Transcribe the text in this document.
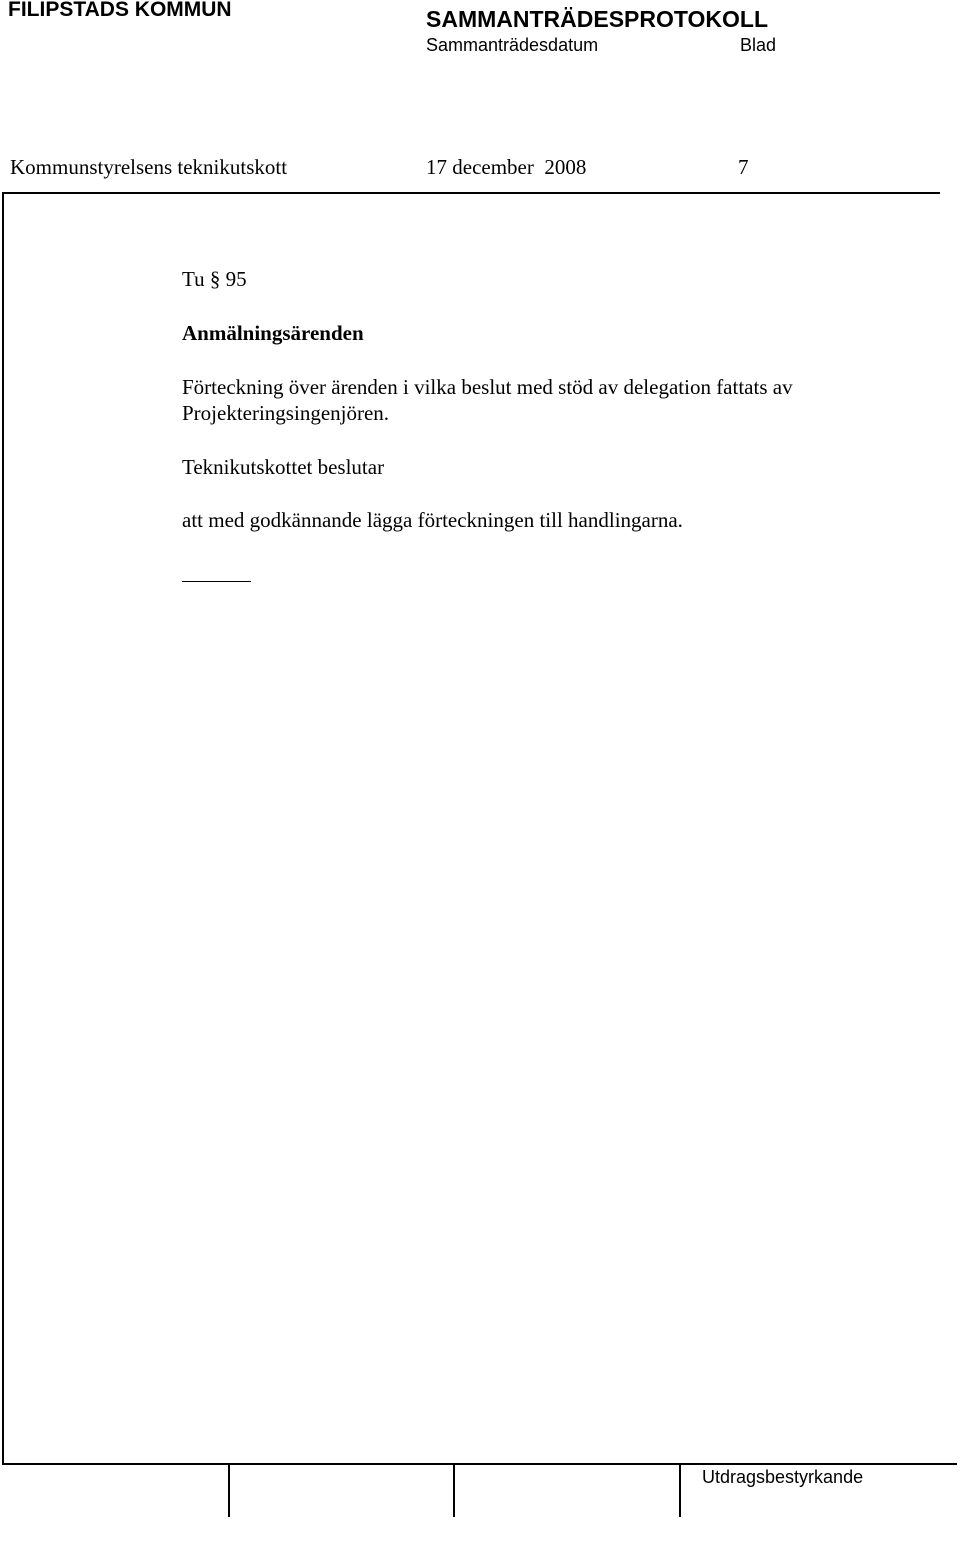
FILIPSTADS KOMMUN	SAMMANTRÄDESPROTOKOLL
Sammanträdesdatum	Blad
Kommunstyrelsens teknikutskott	17 december  2008	7
Tu § 95
Anmälningsärenden
Förteckning över ärenden i vilka beslut med stöd av delegation fattats av
Projekteringsingenjören.
Teknikutskottet beslutar
att med godkännande lägga förteckningen till handlingarna.
Utdragsbestyrkande
